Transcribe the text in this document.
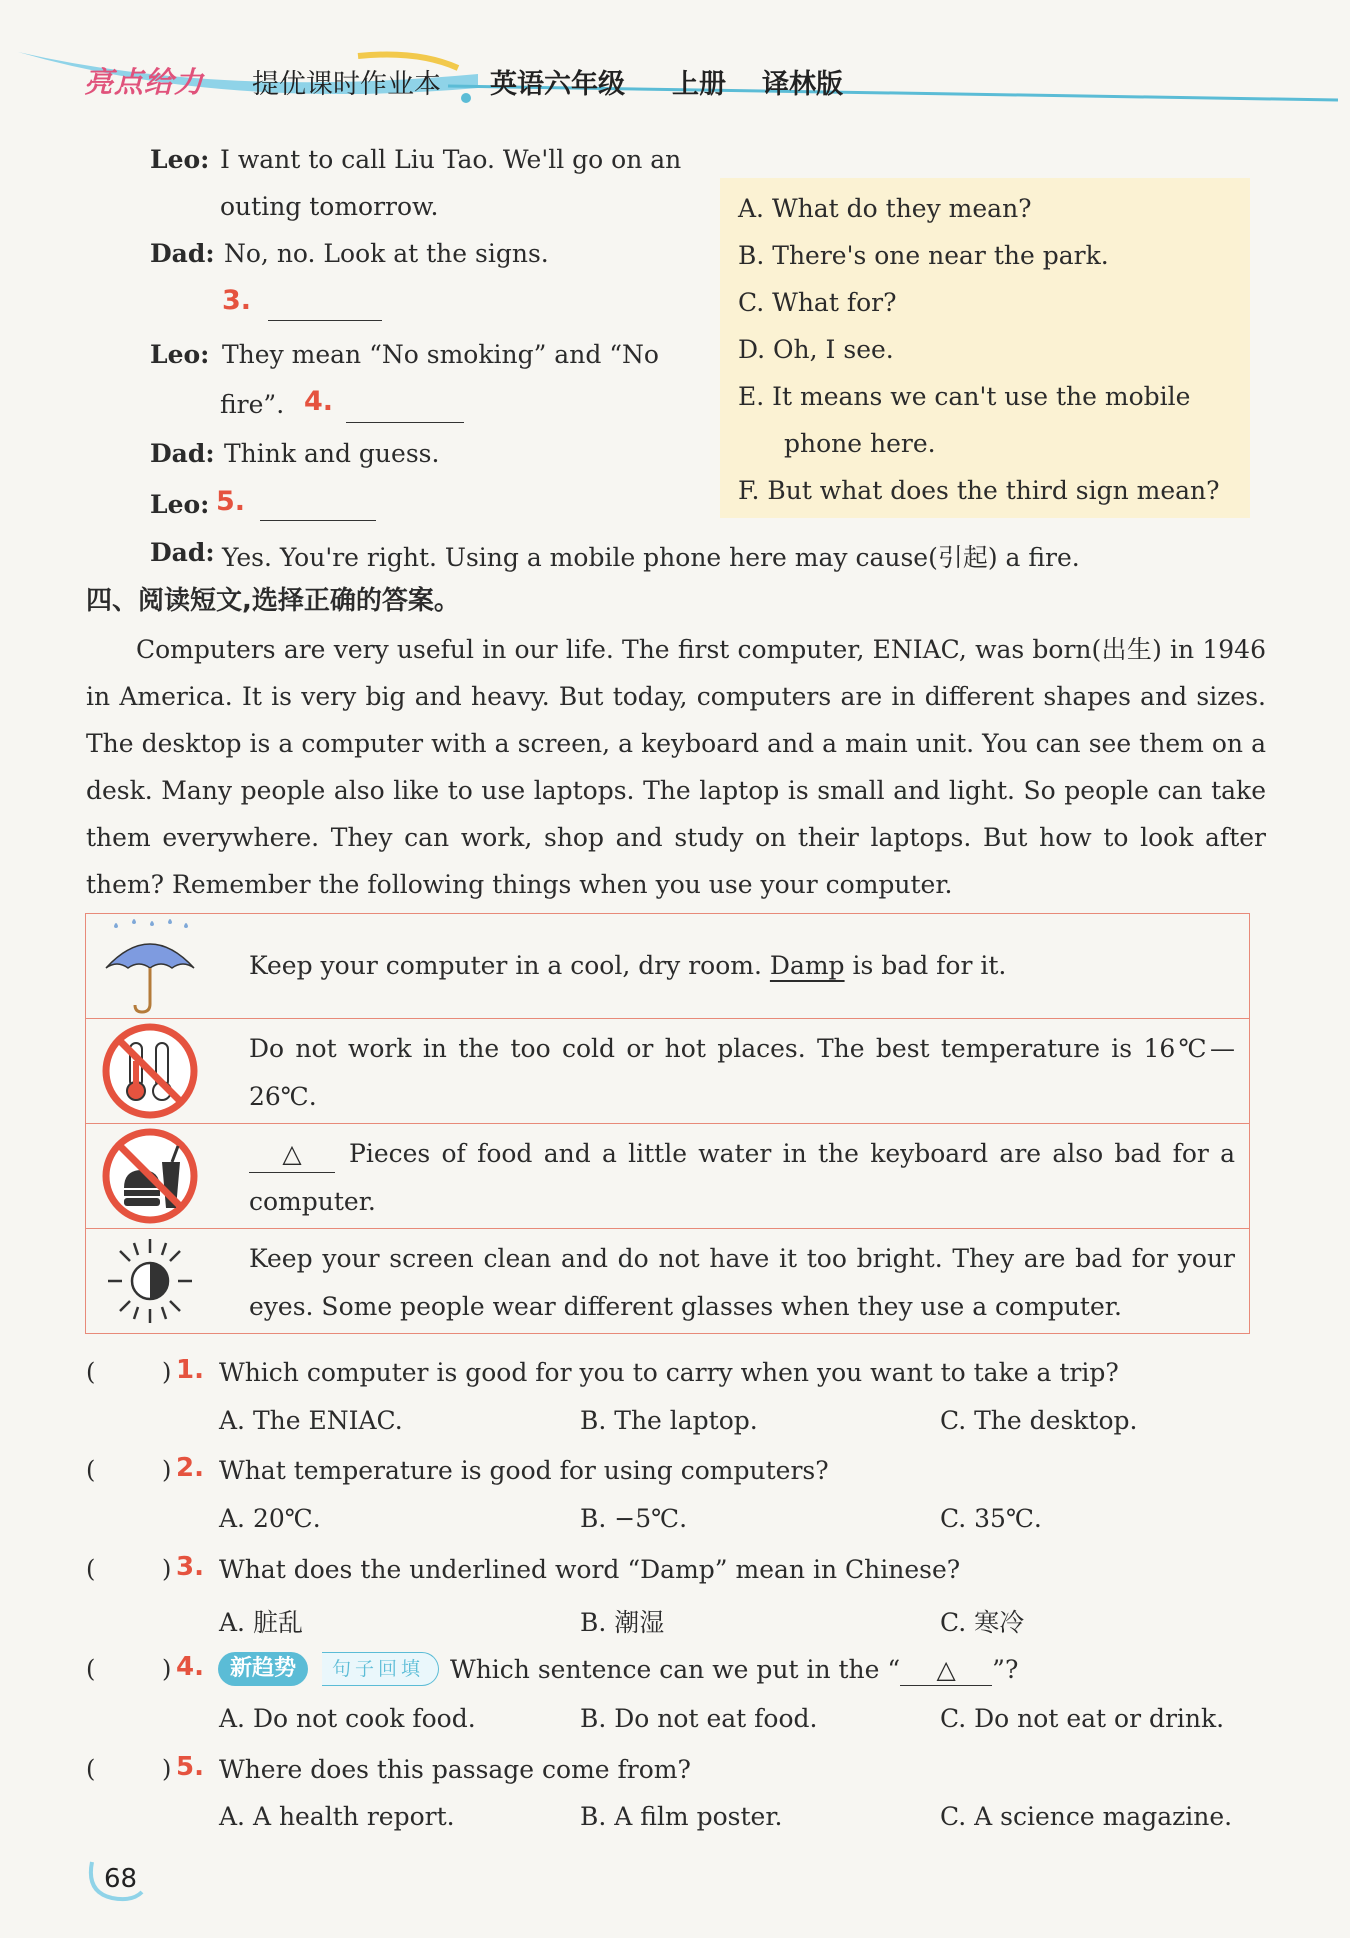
亮点给力 提优课时作业本 英语六年级 上册 译林版
Leo: I want to call Liu Tao. We'll go on an
outing tomorrow.
Dad: No, no. Look at the signs.
3.
Leo: They mean “No smoking” and “No
fire”. 4.
Dad: Think and guess.
Leo: 5.
Dad: Yes. You're right. Using a mobile phone here may cause(引起) a fire.
A. What do they mean?
B. There's one near the park.
C. What for?
D. Oh, I see.
E. It means we can't use the mobile
phone here.
F. But what does the third sign mean?
四、阅读短文,选择正确的答案。

Computers are very useful in our life. The first computer, ENIAC, was born(出生) in 1946 in America. It is very big and heavy. But today, computers are in different shapes and sizes. The desktop is a computer with a screen, a keyboard and a main unit. You can see them on a desk. Many people also like to use laptops. The laptop is small and light. So people can take them everywhere. They can work, shop and study on their laptops. But how to look after them? Remember the following things when you use your computer.

Keep your computer in a cool, dry room. Damp is bad for it.
Do not work in the too cold or hot places. The best temperature is 16℃—26℃.
△ Pieces of food and a little water in the keyboard are also bad for a computer.
Keep your screen clean and do not have it too bright. They are bad for your eyes. Some people wear different glasses when they use a computer.
(	) 1. Which computer is good for you to carry when you want to take a trip?
A. The ENIAC.	B. The laptop.	C. The desktop.
(	) 2. What temperature is good for using computers?
A. 20℃.	B. −5℃.	C. 35℃.
(	) 3. What does the underlined word “Damp” mean in Chinese?
A. 脏乱	B. 潮湿	C. 寒冷
(	) 4.	新趋势	句子回填	Which sentence can we put in the “ △ ”?
A. Do not cook food.	B. Do not eat food.	C. Do not eat or drink.
(	) 5. Where does this passage come from?
A. A health report.	B. A film poster.	C. A science magazine.
68
